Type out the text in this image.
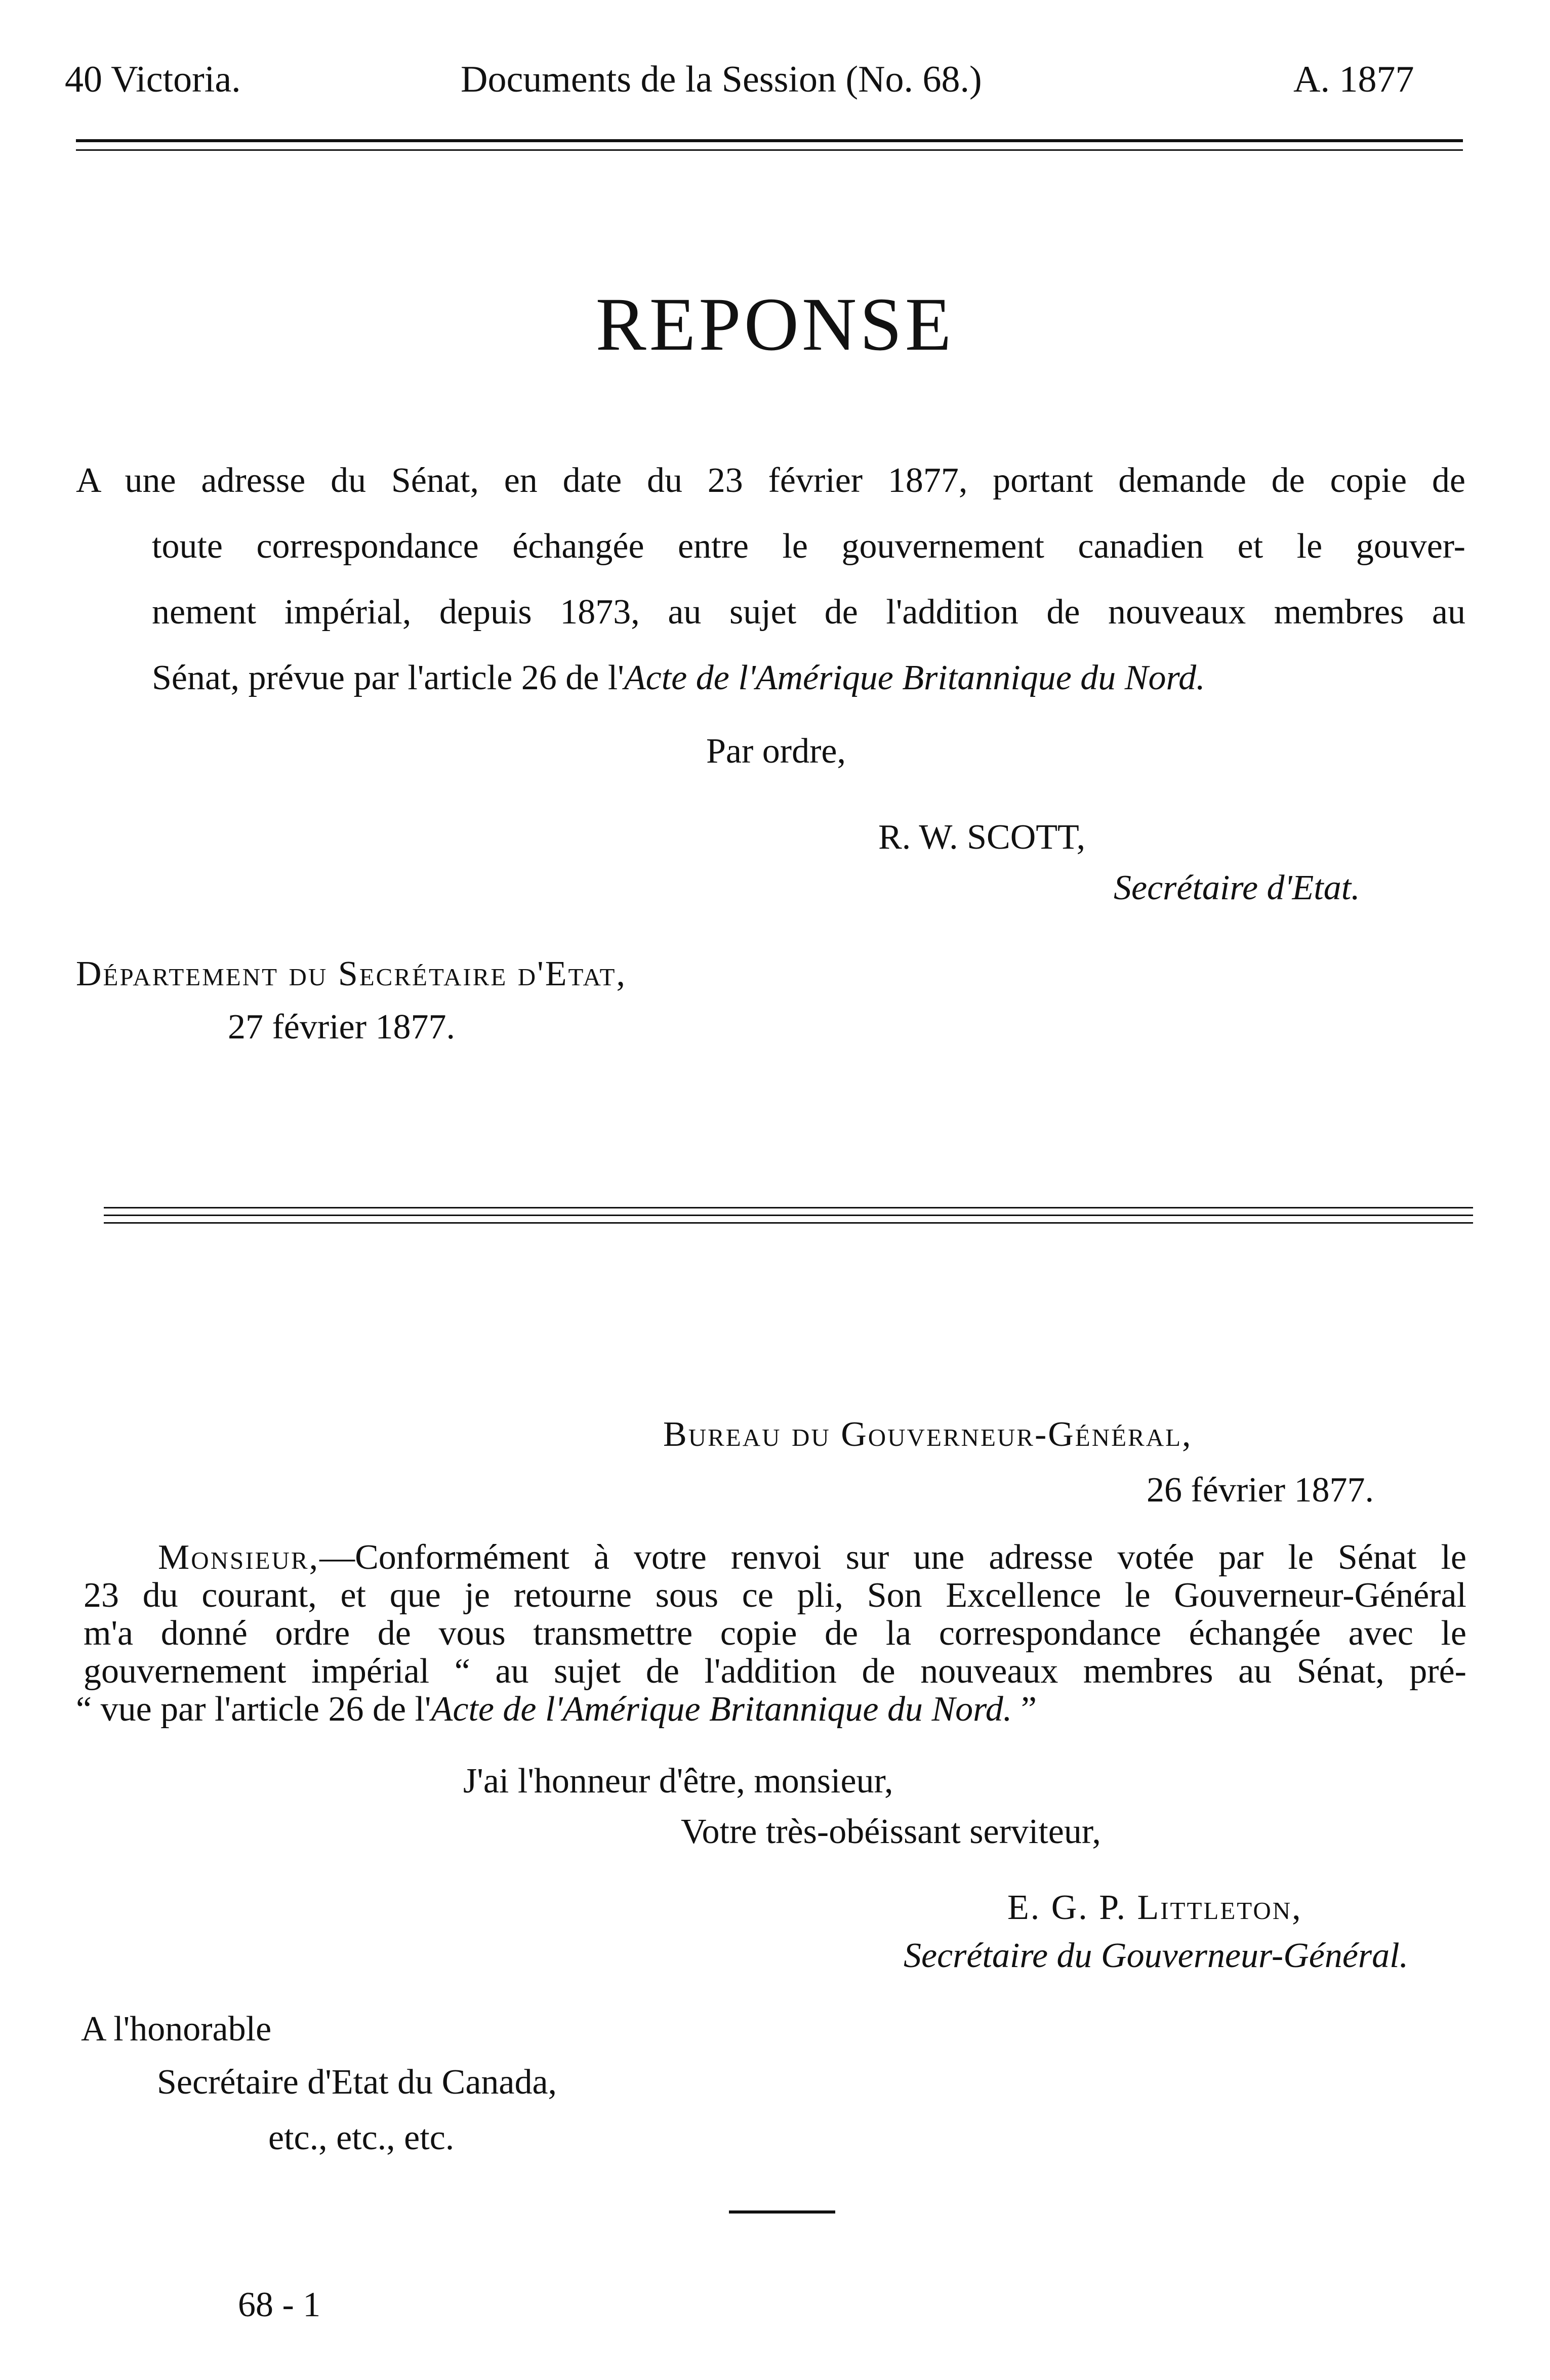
40 Victoria.	Documents de la Session (No. 68.)	A. 1877
REPONSE
A une adresse du Sénat, en date du 23 février 1877, portant demande de copie de
toute correspondance échangée entre le gouvernement canadien et le gouver-
nement impérial, depuis 1873, au sujet de l'addition de nouveaux membres au
Sénat, prévue par l'article 26 de l'Acte de l'Amérique Britannique du Nord.
Par ordre,
R. W. SCOTT,
Secrétaire d'Etat.
Département du Secrétaire d'Etat,
27 février 1877.
Bureau du Gouverneur-Général,
26 février 1877.
Monsieur,—Conformément à votre renvoi sur une adresse votée par le Sénat le
23 du courant, et que je retourne sous ce pli, Son Excellence le Gouverneur-Général
m'a donné ordre de vous transmettre copie de la correspondance échangée avec le
gouvernement impérial “ au sujet de l'addition de nouveaux membres au Sénat, pré-
“ vue par l'article 26 de l'Acte de l'Amérique Britannique du Nord. ”
J'ai l'honneur d'être, monsieur,
Votre très-obéissant serviteur,
E. G. P. Littleton,
Secrétaire du Gouverneur-Général.
A l'honorable
Secrétaire d'Etat du Canada,
etc., etc., etc.
68 - 1
